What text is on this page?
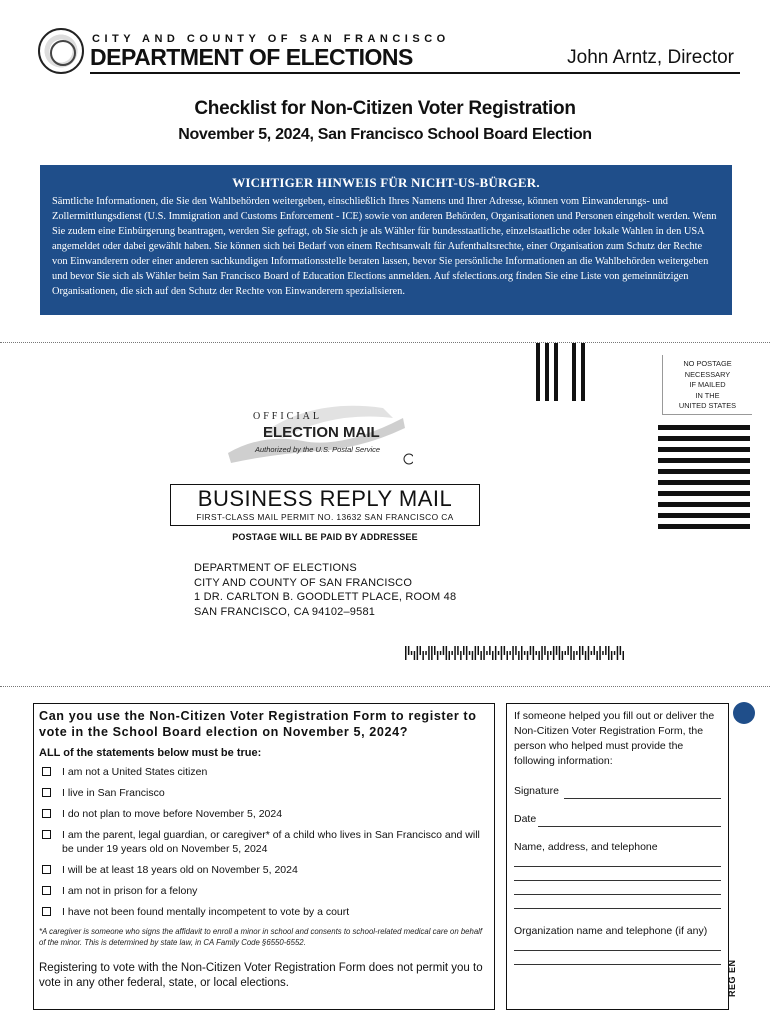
CITY AND COUNTY OF SAN FRANCISCO
DEPARTMENT OF ELECTIONS	John Arntz, Director
Checklist for Non-Citizen Voter Registration
November 5, 2024, San Francisco School Board Election
WICHTIGER HINWEIS FÜR NICHT-US-BÜRGER.
Sämtliche Informationen, die Sie den Wahlbehörden weitergeben, einschließlich Ihres Namens und Ihrer Adresse, können vom Einwanderungs- und Zollermittlungsdienst (U.S. Immigration and Customs Enforcement - ICE) sowie von anderen Behörden, Organisationen und Personen eingeholt werden. Wenn Sie zudem eine Einbürgerung beantragen, werden Sie gefragt, ob Sie sich je als Wähler für bundesstaatliche, einzelstaatliche oder lokale Wahlen in den USA angemeldet oder dabei gewählt haben. Sie können sich bei Bedarf von einem Rechtsanwalt für Aufenthaltsrechte, einer Organisation zum Schutz der Rechte von Einwanderern oder einer anderen sachkundigen Informationsstelle beraten lassen, bevor Sie persönliche Informationen an die Wahlbehörden weitergeben und bevor Sie sich als Wähler beim San Francisco Board of Education Elections anmelden. Auf sfelections.org finden Sie eine Liste von gemeinnützigen Organisationen, die sich auf den Schutz der Rechte von Einwanderern spezialisieren.
NO POSTAGE
NECESSARY
IF MAILED
IN THE
UNITED STATES
OFFICIAL
ELECTION MAIL
Authorized by the U.S. Postal Service
BUSINESS REPLY MAIL
FIRST-CLASS MAIL PERMIT NO. 13632 SAN FRANCISCO CA
POSTAGE WILL BE PAID BY ADDRESSEE
DEPARTMENT OF ELECTIONS
CITY AND COUNTY OF SAN FRANCISCO
1 DR. CARLTON B. GOODLETT PLACE, ROOM 48
SAN FRANCISCO, CA 94102–9581
Can you use the Non-Citizen Voter Registration Form to register to vote in the School Board election on November 5, 2024?
ALL of the statements below must be true:
I am not a United States citizen
I live in San Francisco
I do not plan to move before November 5, 2024
I am the parent, legal guardian, or caregiver* of a child who lives in San Francisco and will be under 19 years old on November 5, 2024
I will be at least 18 years old on November 5, 2024
I am not in prison for a felony
I have not been found mentally incompetent to vote by a court
*A caregiver is someone who signs the affidavit to enroll a minor in school and consents to school-related medical care on behalf of the minor. This is determined by state law, in CA Family Code §6550-6552.
Registering to vote with the Non-Citizen Voter Registration Form does not permit you to vote in any other federal, state, or local elections.
If someone helped you fill out or deliver the Non-Citizen Voter Registration Form, the person who helped must provide the following information:
Signature
Date
Name, address, and telephone
Organization name and telephone (if any)
REG EN
